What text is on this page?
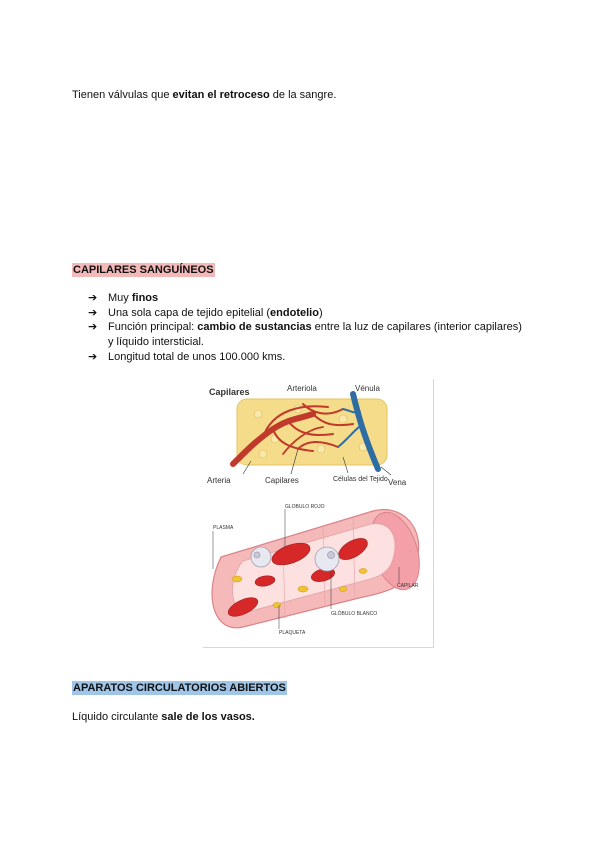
Tienen válvulas que evitan el retroceso de la sangre.
CAPILARES SANGUÍNEOS
➔ Muy finos
➔ Una sola capa de tejido epitelial (endotelio)
➔ Función principal: cambio de sustancias entre la luz de capilares (interior capilares)
y líquido intersticial.
➔ Longitud total de unos 100.000 kms.
Capilares	Arteriola	Vénula
Arteria	Capilares	Células del Tejido Vena
GLOBULO ROJO
PLASMA
CAPILAR
GLÓBULO BLANCO
PLAQUETA
APARATOS CIRCULATORIOS ABIERTOS
Líquido circulante sale de los vasos.
